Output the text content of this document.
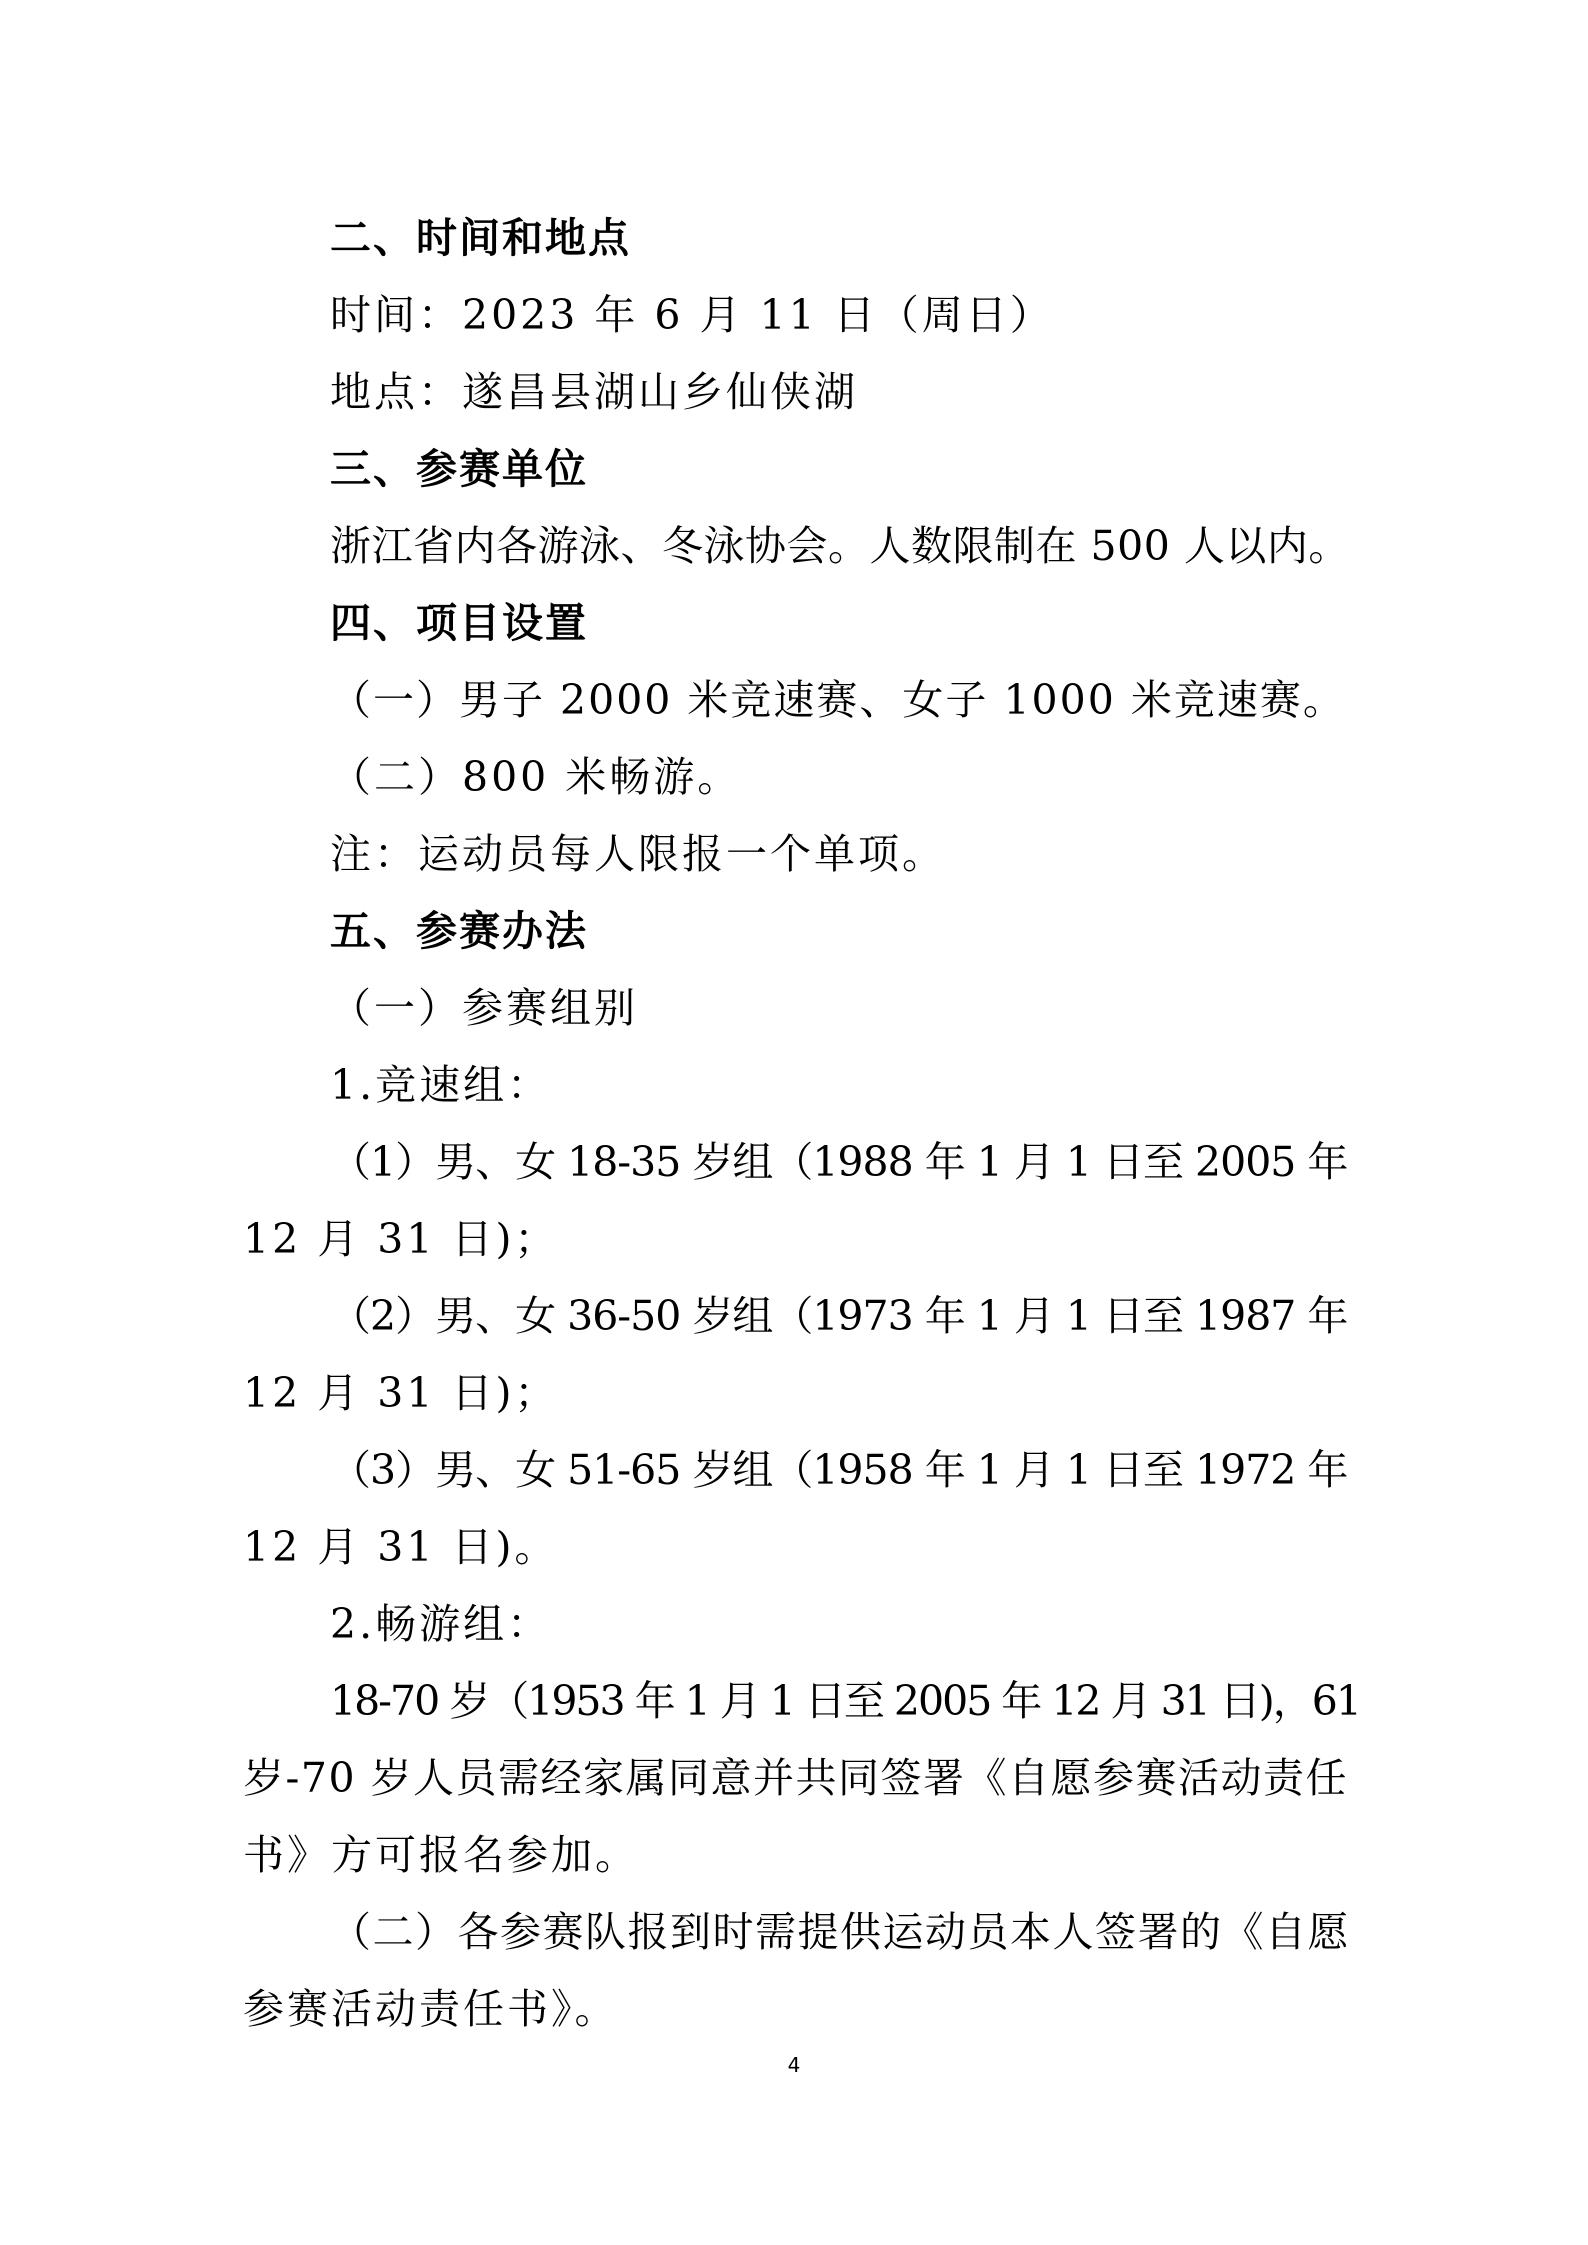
二、时间和地点
时间：2023 年 6 月 11 日（周日）
地点：遂昌县湖山乡仙侠湖
三、参赛单位
浙江省内各游泳、冬泳协会。人数限制在 500 人以内。
四、项目设置
（一）男子 2000 米竞速赛、女子 1000 米竞速赛。
（二）800 米畅游。
注：运动员每人限报一个单项。
五、参赛办法
（一）参赛组别
1.竞速组：
（1）男、女 18-35 岁组（1988 年 1 月 1 日至 2005 年
12 月 31 日)；
（2）男、女 36-50 岁组（1973 年 1 月 1 日至 1987 年
12 月 31 日)；
（3）男、女 51-65 岁组（1958 年 1 月 1 日至 1972 年
12 月 31 日)。
2.畅游组：
18-70 岁（1953 年 1 月 1 日至 2005 年 12 月 31 日)，61
岁-70 岁人员需经家属同意并共同签署《自愿参赛活动责任
书》方可报名参加。
（二）各参赛队报到时需提供运动员本人签署的《自愿
参赛活动责任书》。
4
